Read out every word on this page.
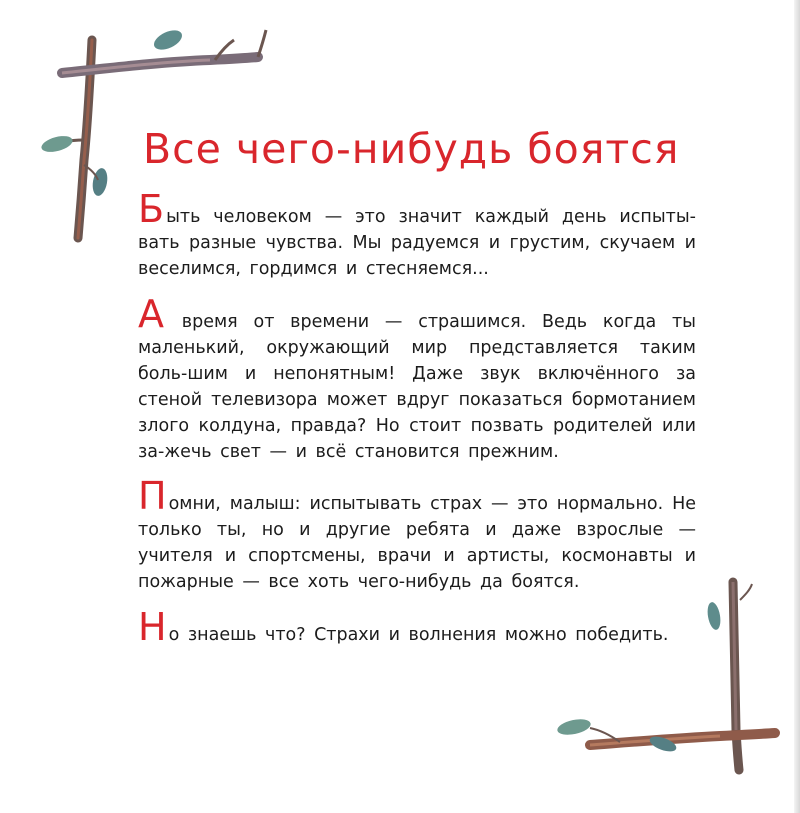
Все чего-нибудь боятся

Быть человеком — это значит каждый день испыты-вать разные чувства. Мы радуемся и грустим, скучаем и веселимся, гордимся и стесняемся...

А время от времени — страшимся. Ведь когда ты маленький, окружающий мир представляется таким боль-шим и непонятным! Даже звук включённого за стеной телевизора может вдруг показаться бормотанием злого колдуна, правда? Но стоит позвать родителей или за-жечь свет — и всё становится прежним.

Помни, малыш: испытывать страх — это нормально. Не только ты, но и другие ребята и даже взрослые — учителя и спортсмены, врачи и артисты, космонавты и пожарные — все хоть чего-нибудь да боятся.

Но знаешь что? Страхи и волнения можно победить.
